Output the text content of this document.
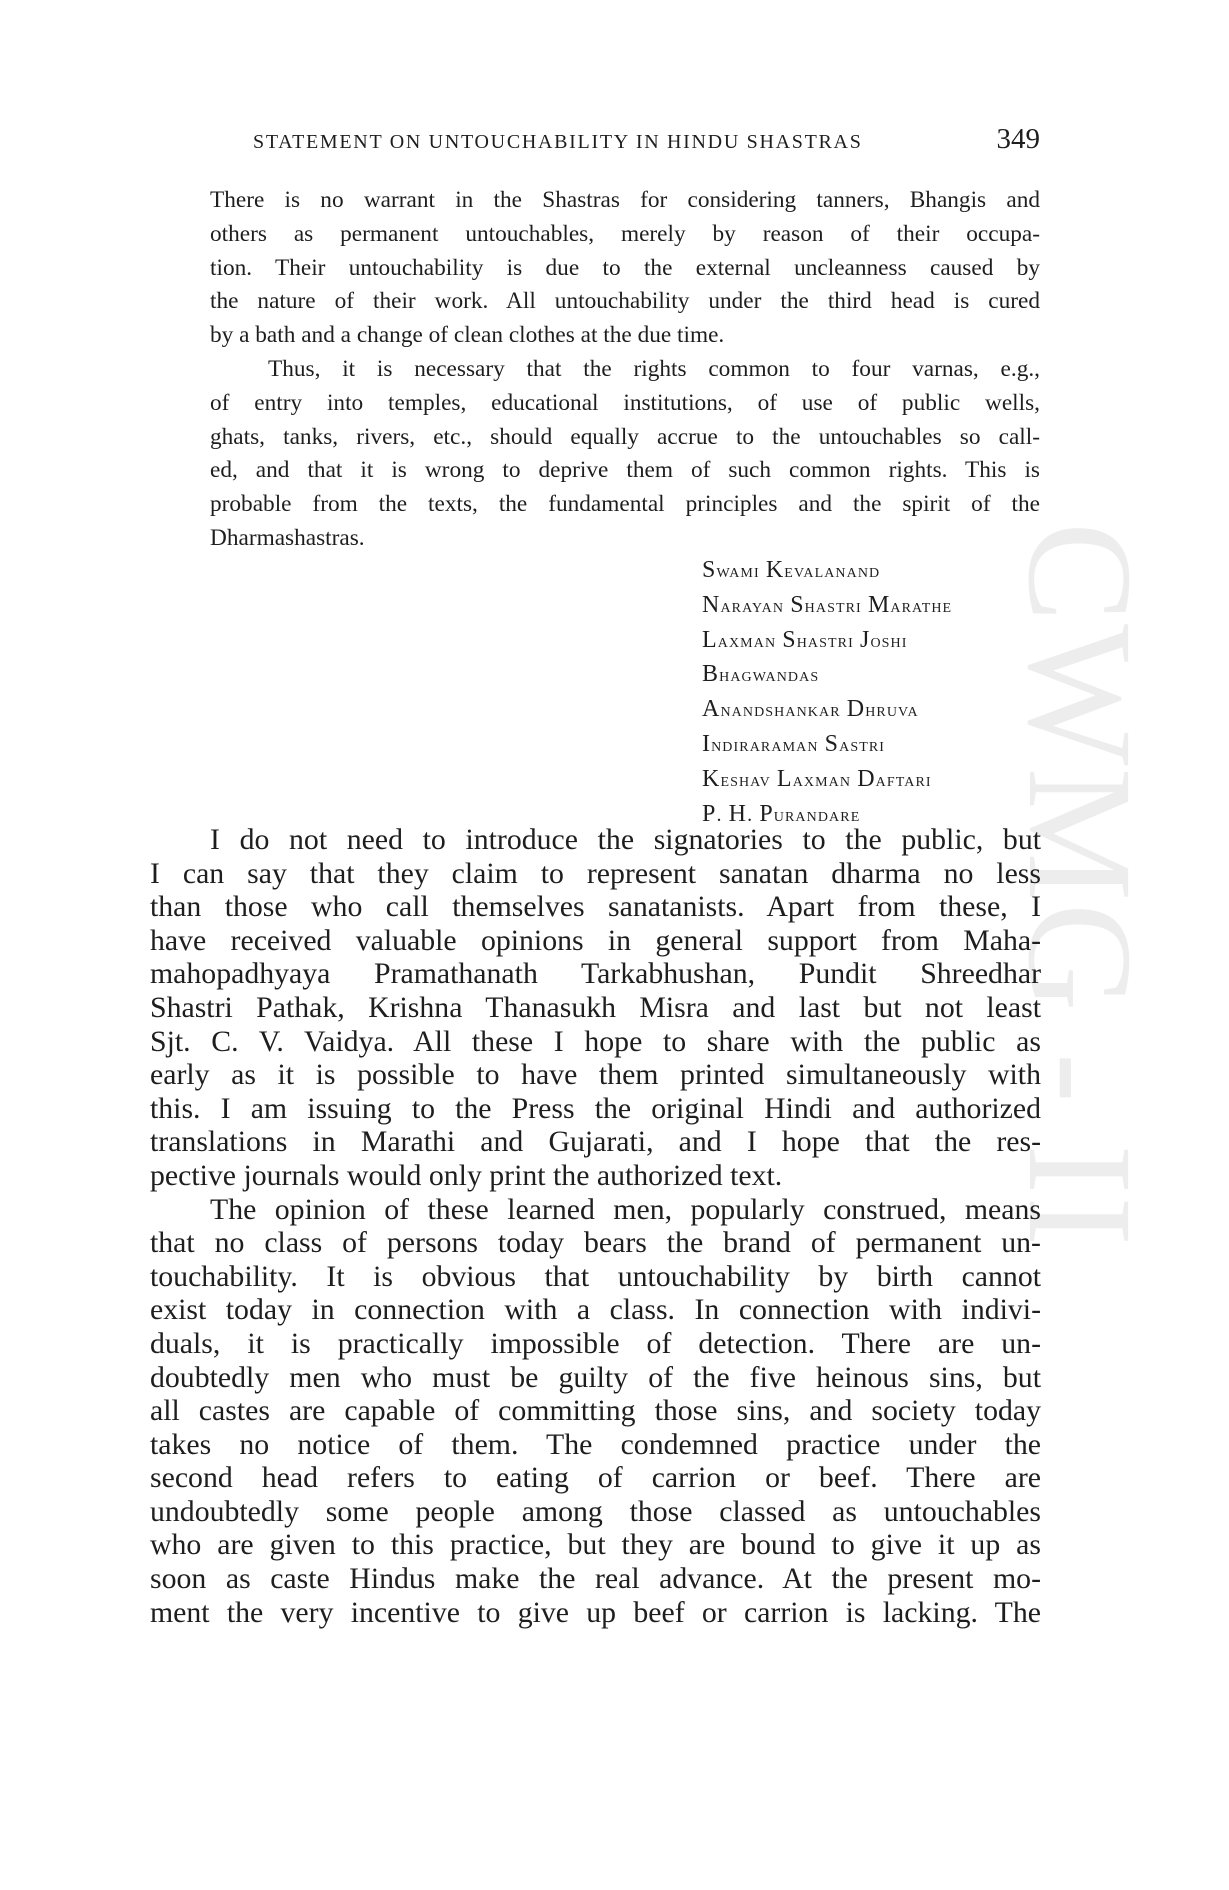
STATEMENT ON UNTOUCHABILITY IN HINDU SHASTRAS	349
CWMG - II
There is no warrant in the Shastras for considering tanners, Bhangis and
others as permanent untouchables, merely by reason of their occupa-
tion. Their untouchability is due to the external uncleanness caused by
the nature of their work. All untouchability under the third head is cured
by a bath and a change of clean clothes at the due time.
Thus, it is necessary that the rights common to four varnas, e.g.,
of entry into temples, educational institutions, of use of public wells,
ghats, tanks, rivers, etc., should equally accrue to the untouchables so call-
ed, and that it is wrong to deprive them of such common rights. This is
probable from the texts, the fundamental principles and the spirit of the
Dharmashastras.
Swami Kevalanand
Narayan Shastri Marathe
Laxman Shastri Joshi
Bhagwandas
Anandshankar Dhruva
Indiraraman Sastri
Keshav Laxman Daftari
P. H. Purandare
I do not need to introduce the signatories to the public, but
I can say that they claim to represent sanatan dharma no less
than those who call themselves sanatanists. Apart from these, I
have received valuable opinions in general support from Maha-
mahopadhyaya Pramathanath Tarkabhushan, Pundit Shreedhar
Shastri Pathak, Krishna Thanasukh Misra and last but not least
Sjt. C. V. Vaidya. All these I hope to share with the public as
early as it is possible to have them printed simultaneously with
this. I am issuing to the Press the original Hindi and authorized
translations in Marathi and Gujarati, and I hope that the res-
pective journals would only print the authorized text.
The opinion of these learned men, popularly construed, means
that no class of persons today bears the brand of permanent un-
touchability. It is obvious that untouchability by birth cannot
exist today in connection with a class. In connection with indivi-
duals, it is practically impossible of detection. There are un-
doubtedly men who must be guilty of the five heinous sins, but
all castes are capable of committing those sins, and society today
takes no notice of them. The condemned practice under the
second head refers to eating of carrion or beef. There are
undoubtedly some people among those classed as untouchables
who are given to this practice, but they are bound to give it up as
soon as caste Hindus make the real advance. At the present mo-
ment the very incentive to give up beef or carrion is lacking. The
